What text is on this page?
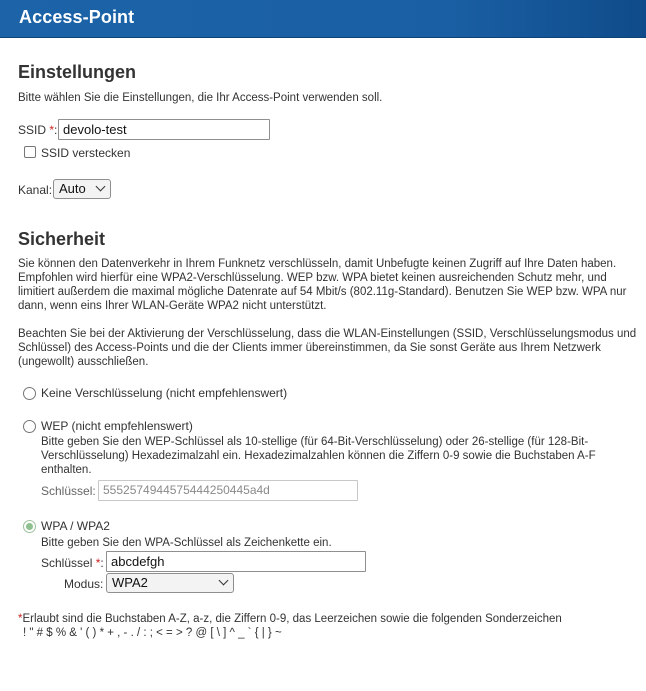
Access-Point
Einstellungen
Bitte wählen Sie die Einstellungen, die Ihr Access-Point verwenden soll.
SSID *: devolo-test
SSID verstecken
Kanal: Auto
Sicherheit
Sie können den Datenverkehr in Ihrem Funknetz verschlüsseln, damit Unbefugte keinen Zugriff auf Ihre Daten haben. Empfohlen wird hierfür eine WPA2-Verschlüsselung. WEP bzw. WPA bietet keinen ausreichenden Schutz mehr, und limitiert außerdem die maximal mögliche Datenrate auf 54 Mbit/s (802.11g-Standard). Benutzen Sie WEP bzw. WPA nur dann, wenn eins Ihrer WLAN-Geräte WPA2 nicht unterstützt.
Beachten Sie bei der Aktivierung der Verschlüsselung, dass die WLAN-Einstellungen (SSID, Verschlüsselungsmodus und Schlüssel) des Access-Points und die der Clients immer übereinstimmen, da Sie sonst Geräte aus Ihrem Netzwerk (ungewollt) ausschließen.
Keine Verschlüsselung (nicht empfehlenswert)
WEP (nicht empfehlenswert)
Bitte geben Sie den WEP-Schlüssel als 10-stellige (für 64-Bit-Verschlüsselung) oder 26-stellige (für 128-Bit-Verschlüsselung) Hexadezimalzahl ein. Hexadezimalzahlen können die Ziffern 0-9 sowie die Buchstaben A-F enthalten.
Schlüssel: 5552574944575444250445a4d
WPA / WPA2
Bitte geben Sie den WPA-Schlüssel als Zeichenkette ein.
Schlüssel *: abcdefgh
Modus: WPA2
*Erlaubt sind die Buchstaben A-Z, a-z, die Ziffern 0-9, das Leerzeichen sowie die folgenden Sonderzeichen
! " # $ % & ' ( ) * + , - . / : ; < = > ? @ [ \ ] ^ _ ` { | } ~
